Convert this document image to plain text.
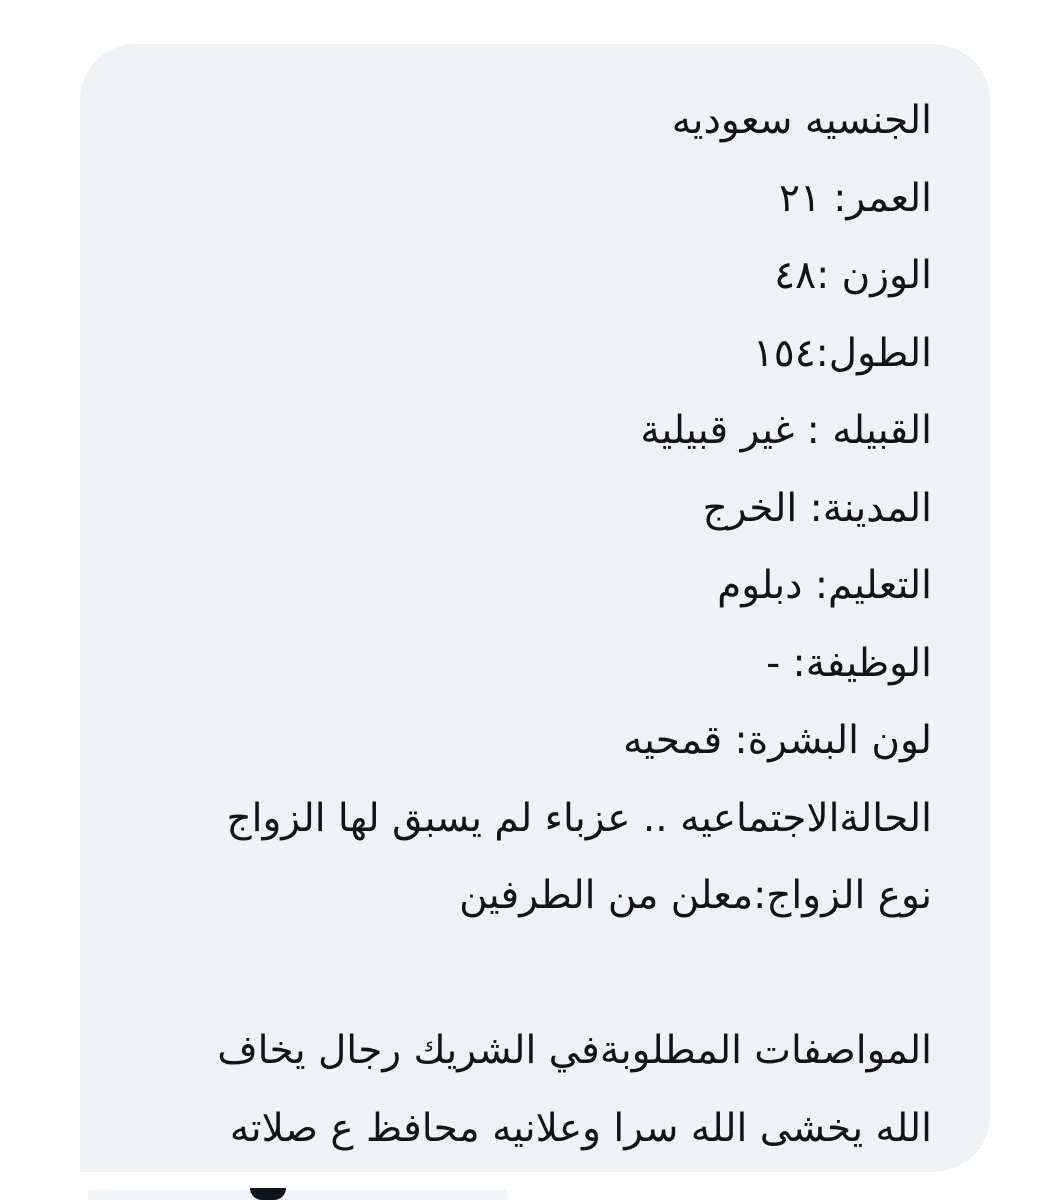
الجنسيه سعوديه

العمر: ٢١

الوزن :٤٨

الطول:١٥٤

القبيله : غير قبيلية

المدينة: الخرج

التعليم: دبلوم

الوظيفة: -

لون البشرة: قمحيه

الحالةالاجتماعيه .. عزباء لم يسبق لها الزواج

نوع الزواج:معلن من الطرفين

المواصفات المطلوبةفي الشريك رجال يخاف

الله يخشى الله سرا وعلانيه محافظ ع صلاته
